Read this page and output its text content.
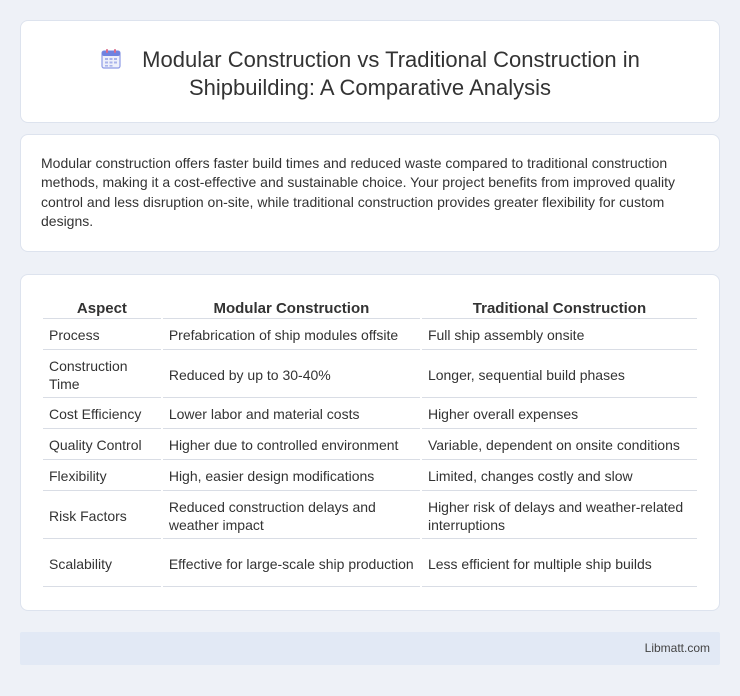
Modular Construction vs Traditional Construction in
Shipbuilding: A Comparative Analysis

Modular construction offers faster build times and reduced waste compared to traditional construction methods, making it a cost-effective and sustainable choice. Your project benefits from improved quality control and less disruption on-site, while traditional construction provides greater flexibility for custom designs.

Aspect	Modular Construction	Traditional Construction
Process	Prefabrication of ship modules offsite	Full ship assembly onsite
Construction Time	Reduced by up to 30-40%	Longer, sequential build phases
Cost Efficiency	Lower labor and material costs	Higher overall expenses
Quality Control	Higher due to controlled environment	Variable, dependent on onsite conditions
Flexibility	High, easier design modifications	Limited, changes costly and slow
Risk Factors	Reduced construction delays and weather impact	Higher risk of delays and weather-related interruptions
Scalability	Effective for large-scale ship production	Less efficient for multiple ship builds
Libmatt.com
